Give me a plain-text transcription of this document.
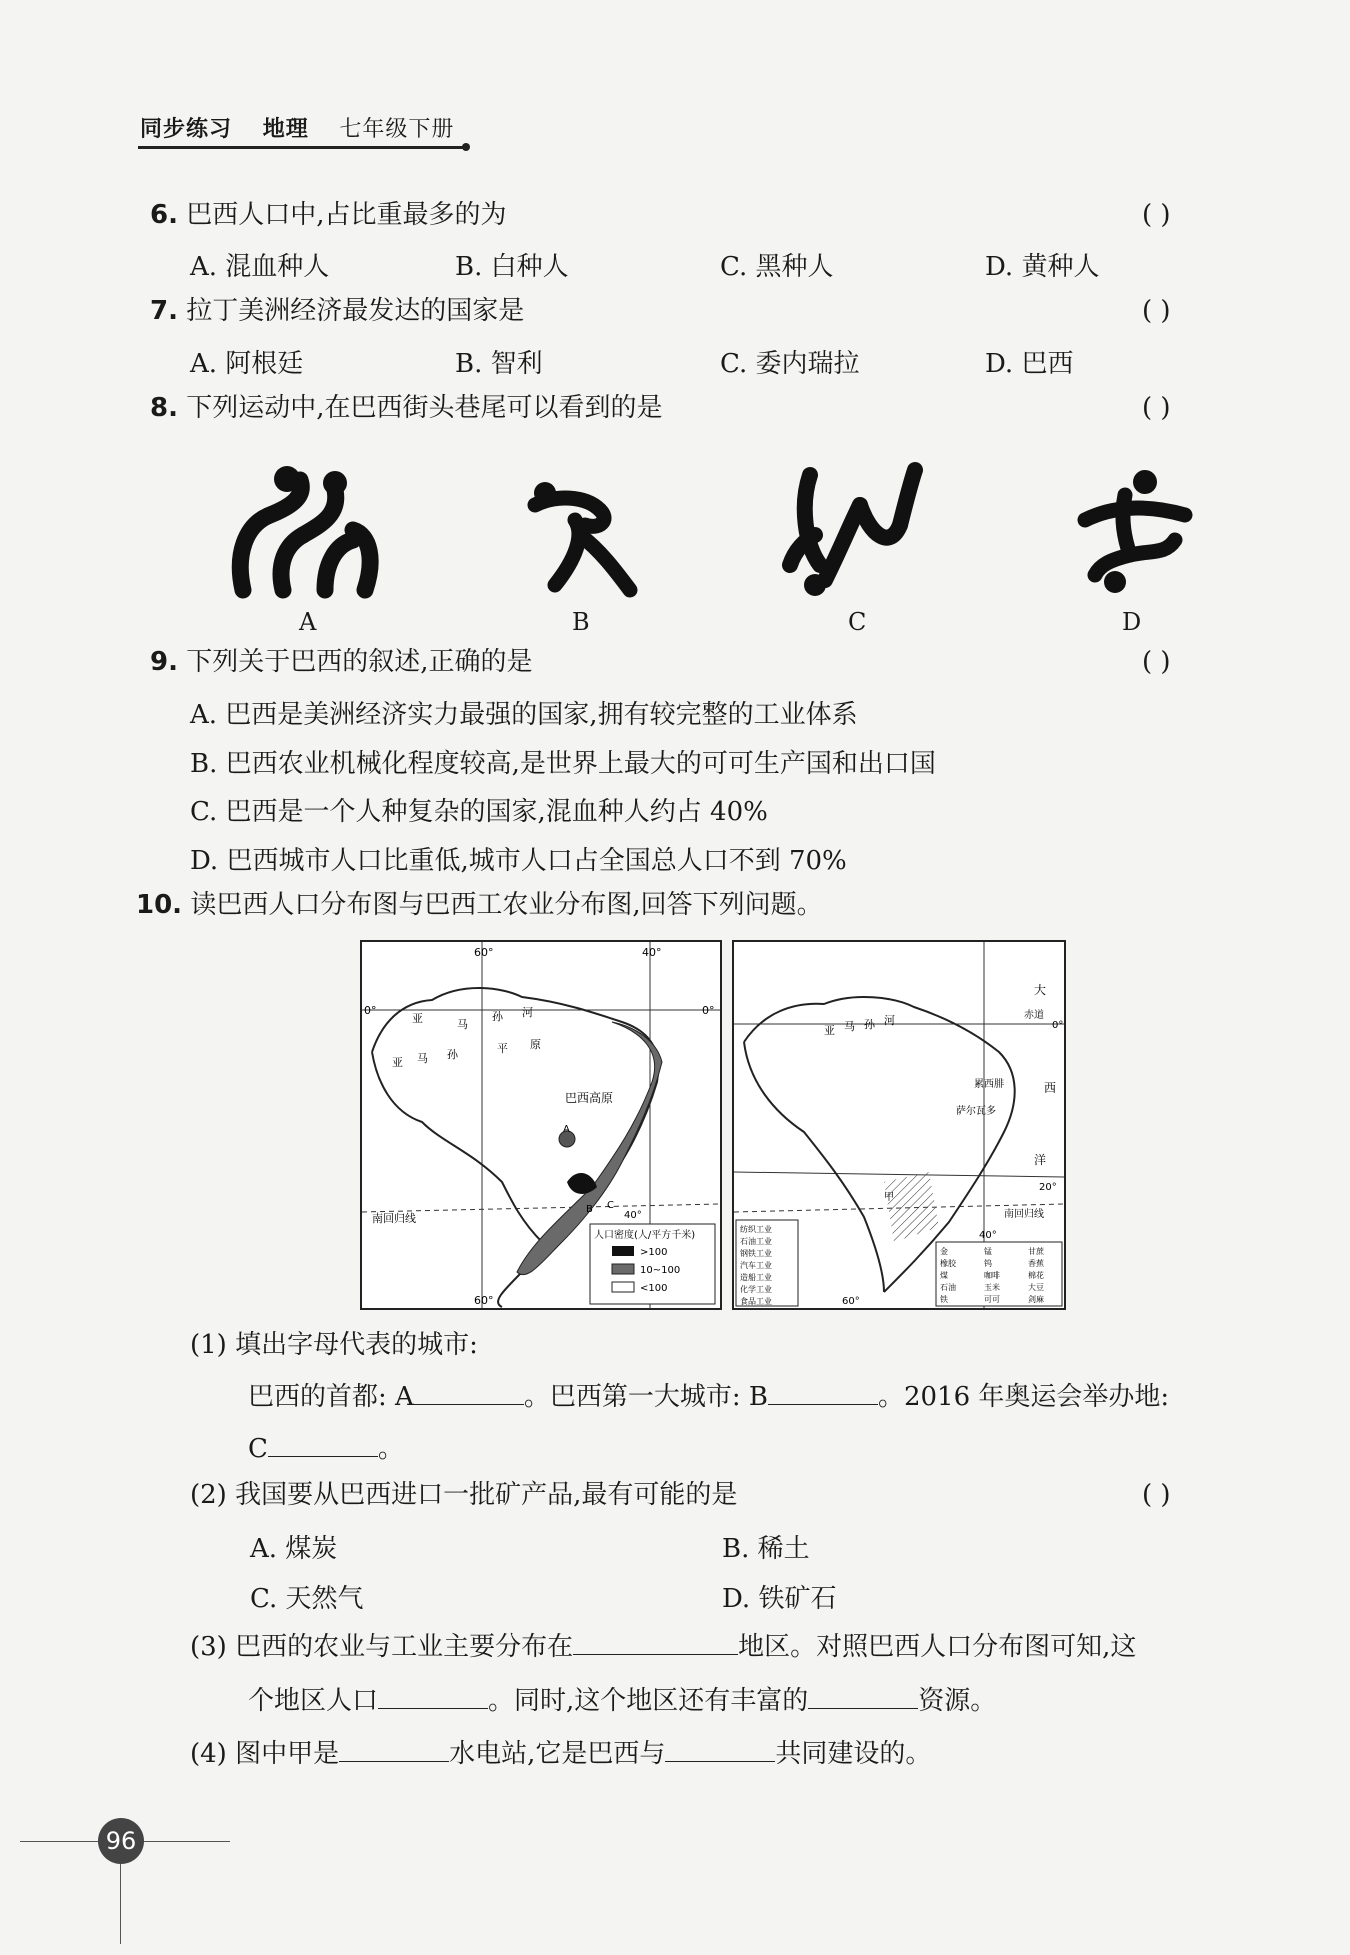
同步练习 地理 七年级下册
6. 巴西人口中,占比重最多的为	( )
A. 混血种人	B. 白种人	C. 黑种人	D. 黄种人
7. 拉丁美洲经济最发达的国家是	( )
A. 阿根廷	B. 智利	C. 委内瑞拉	D. 巴西
8. 下列运动中,在巴西街头巷尾可以看到的是	( )
A	B	C	D
9. 下列关于巴西的叙述,正确的是	( )
A. 巴西是美洲经济实力最强的国家,拥有较完整的工业体系
B. 巴西农业机械化程度较高,是世界上最大的可可生产国和出口国
C. 巴西是一个人种复杂的国家,混血种人约占 40%
D. 巴西城市人口比重低,城市人口占全国总人口不到 70%
10. 读巴西人口分布图与巴西工农业分布图,回答下列问题。
60°	40°
60°
0°	0°
亚	马
孙 河
亚 马 孙	平 原
巴西高原
南回归线
A
B C
40°
人口密度(人/平方千米)
>100
10~100
<100
大
赤道
0°
西
洋
20°
南回归线
40°
60°
亚 马 孙 河
累西腓
萨尔瓦多
甲
纺织工业
石油工业
钢铁工业
汽车工业
造船工业
化学工业
食品工业
金	锰	甘蔗
橡胶	钨	香蕉
煤	咖啡	棉花
石油	玉米	大豆
铁	可可	剑麻
(1) 填出字母代表的城市:
巴西的首都: A	。巴西第一大城市: B	。2016 年奥运会举办地:
C	。
(2) 我国要从巴西进口一批矿产品,最有可能的是	( )
A. 煤炭	B. 稀土
C. 天然气	D. 铁矿石
(3) 巴西的农业与工业主要分布在	地区。对照巴西人口分布图可知,这
个地区人口	。同时,这个地区还有丰富的	资源。
(4) 图中甲是	水电站,它是巴西与	共同建设的。
96
